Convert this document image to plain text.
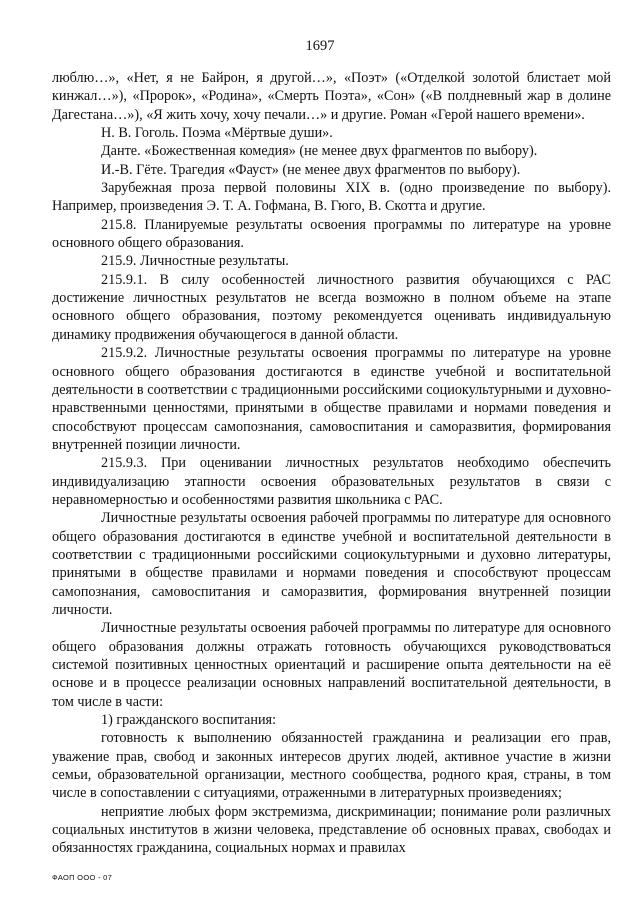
1697

люблю…», «Нет, я не Байрон, я другой…», «Поэт» («Отделкой золотой блистает мой кинжал…»), «Пророк», «Родина», «Смерть Поэта», «Сон» («В полдневный жар в долине Дагестана…»), «Я жить хочу, хочу печали…» и другие. Роман «Герой нашего времени».

Н. В. Гоголь. Поэма «Мёртвые души».

Данте. «Божественная комедия» (не менее двух фрагментов по выбору).

И.-В. Гёте. Трагедия «Фауст» (не менее двух фрагментов по выбору).

Зарубежная проза первой половины XIX в. (одно произведение по выбору). Например, произведения Э. Т. А. Гофмана, В. Гюго, В. Скотта и другие.

215.8. Планируемые результаты освоения программы по литературе на уровне основного общего образования.

215.9. Личностные результаты.

215.9.1. В силу особенностей личностного развития обучающихся с РАС достижение личностных результатов не всегда возможно в полном объеме на этапе основного общего образования, поэтому рекомендуется оценивать индивидуальную динамику продвижения обучающегося в данной области.

215.9.2. Личностные результаты освоения программы по литературе на уровне основного общего образования достигаются в единстве учебной и воспитательной деятельности в соответствии с традиционными российскими социокультурными и духовно-нравственными ценностями, принятыми в обществе правилами и нормами поведения и способствуют процессам самопознания, самовоспитания и саморазвития, формирования внутренней позиции личности.

215.9.3. При оценивании личностных результатов необходимо обеспечить индивидуализацию этапности освоения образовательных результатов в связи с неравномерностью и особенностями развития школьника с РАС.

Личностные результаты освоения рабочей программы по литературе для основного общего образования достигаются в единстве учебной и воспитательной деятельности в соответствии с традиционными российскими социокультурными и духовно литературы, принятыми в обществе правилами и нормами поведения и способствуют процессам самопознания, самовоспитания и саморазвития, формирования внутренней позиции личности.

Личностные результаты освоения рабочей программы по литературе для основного общего образования должны отражать готовность обучающихся руководствоваться системой позитивных ценностных ориентаций и расширение опыта деятельности на её основе и в процессе реализации основных направлений воспитательной деятельности, в том числе в части:

1) гражданского воспитания:

готовность к выполнению обязанностей гражданина и реализации его прав, уважение прав, свобод и законных интересов других людей, активное участие в жизни семьи, образовательной организации, местного сообщества, родного края, страны, в том числе в сопоставлении с ситуациями, отраженными в литературных произведениях;

неприятие любых форм экстремизма, дискриминации; понимание роли различных социальных институтов в жизни человека, представление об основных правах, свободах и обязанностях гражданина, социальных нормах и правилах

ФАОП ООО - 07
